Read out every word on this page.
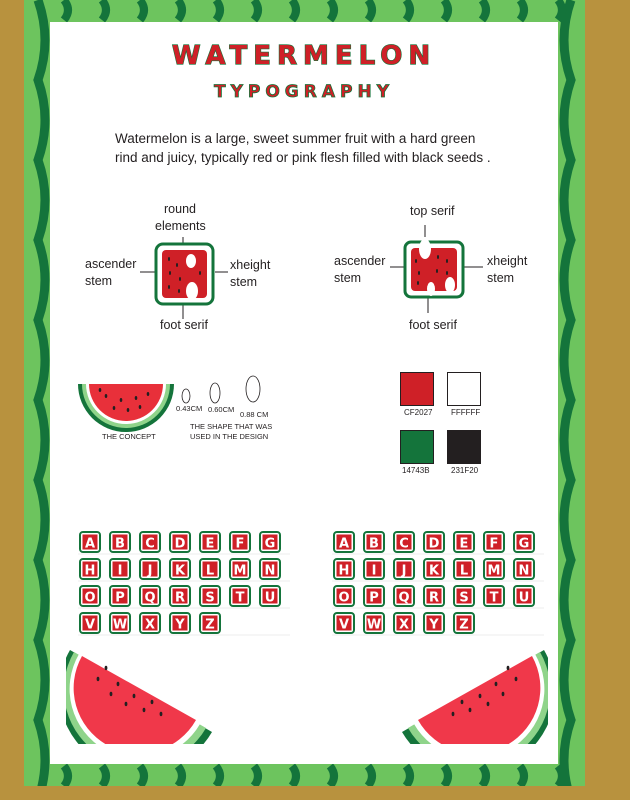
WATERMELON
TYPOGRAPHY
Watermelon is a large, sweet summer fruit with a hard green
rind and juicy, typically red or pink flesh filled with black seeds .
round
elements
ascender
stem
xheight
stem
foot serif
top serif
ascender
stem
xheight
stem
foot serif
THE CONCEPT
0.43CM 0.60CM
0.88 CM
THE SHAPE THAT WAS
USED IN THE DESIGN
CF2027 FFFFFF
14743B	231F20
A B C D E F G
H I J K L M N
O P Q R S T U
V W X Y Z
A B C D E F G
H I J K L M N
O P Q R S T U
V W X Y Z
